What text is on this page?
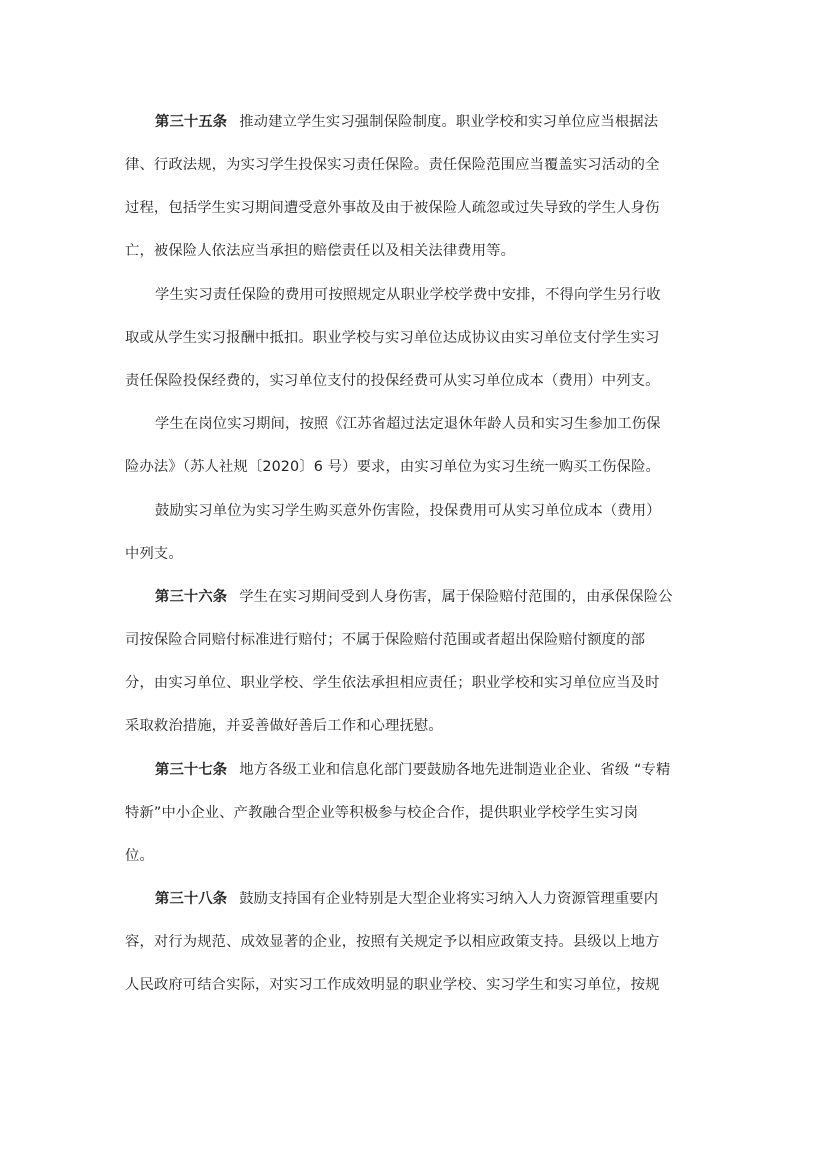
第三十五条 推动建立学生实习强制保险制度。职业学校和实习单位应当根据法
律、行政法规，为实习学生投保实习责任保险。责任保险范围应当覆盖实习活动的全
过程，包括学生实习期间遭受意外事故及由于被保险人疏忽或过失导致的学生人身伤
亡，被保险人依法应当承担的赔偿责任以及相关法律费用等。
学生实习责任保险的费用可按照规定从职业学校学费中安排，不得向学生另行收
取或从学生实习报酬中抵扣。职业学校与实习单位达成协议由实习单位支付学生实习
责任保险投保经费的，实习单位支付的投保经费可从实习单位成本（费用）中列支。
学生在岗位实习期间，按照《江苏省超过法定退休年龄人员和实习生参加工伤保
险办法》（苏人社规〔2020〕6 号）要求，由实习单位为实习生统一购买工伤保险。
鼓励实习单位为实习学生购买意外伤害险，投保费用可从实习单位成本（费用）
中列支。
第三十六条 学生在实习期间受到人身伤害，属于保险赔付范围的，由承保保险公
司按保险合同赔付标准进行赔付；不属于保险赔付范围或者超出保险赔付额度的部
分，由实习单位、职业学校、学生依法承担相应责任；职业学校和实习单位应当及时
采取救治措施，并妥善做好善后工作和心理抚慰。
第三十七条 地方各级工业和信息化部门要鼓励各地先进制造业企业、省级 “专精
特新”中小企业、产教融合型企业等积极参与校企合作，提供职业学校学生实习岗
位。
第三十八条 鼓励支持国有企业特别是大型企业将实习纳入人力资源管理重要内
容，对行为规范、成效显著的企业，按照有关规定予以相应政策支持。县级以上地方
人民政府可结合实际，对实习工作成效明显的职业学校、实习学生和实习单位，按规
